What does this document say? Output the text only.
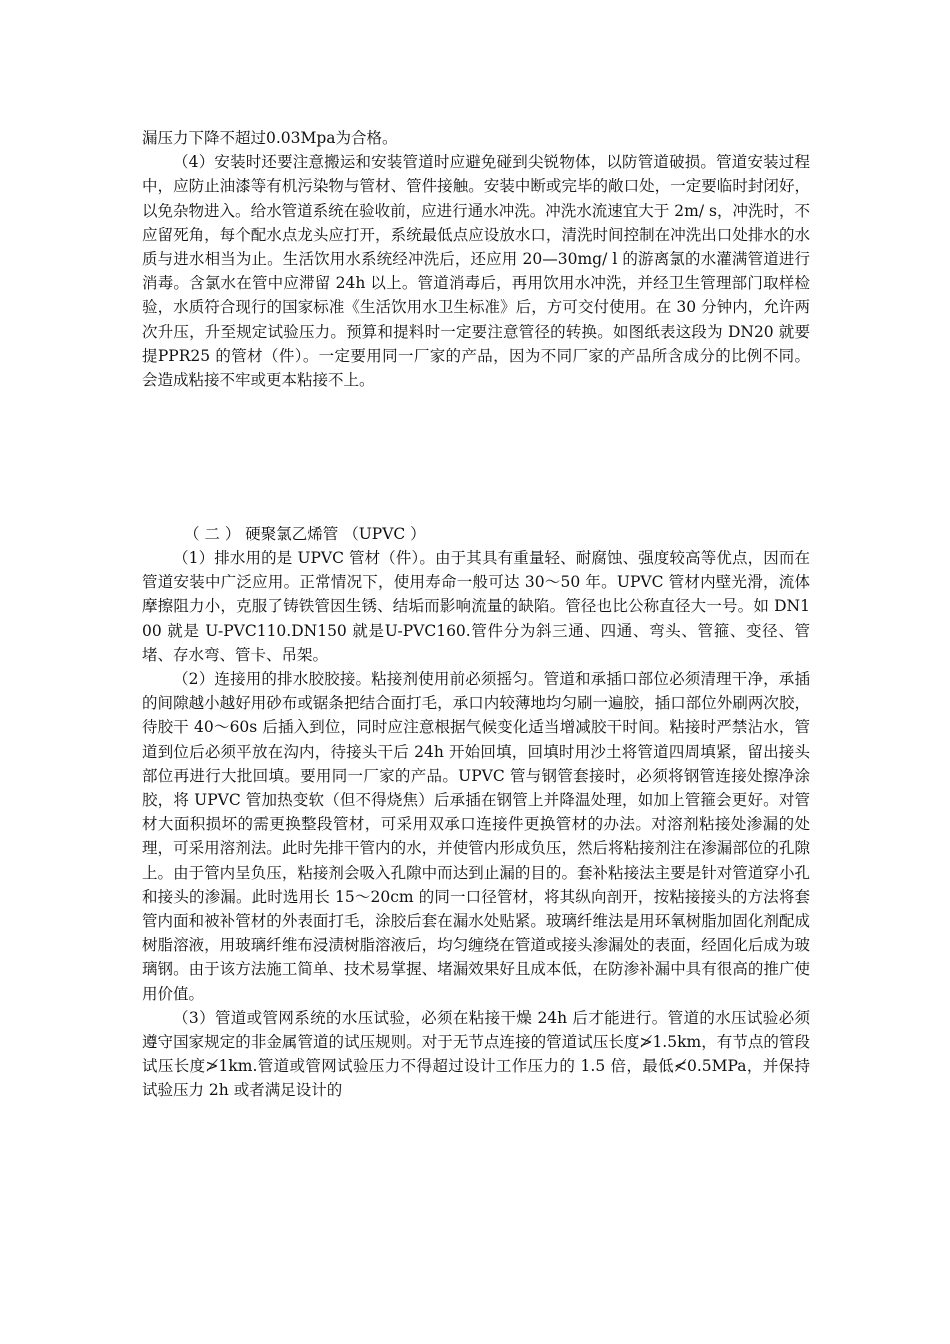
漏压力下降不超过0.03Mpa为合格。

（4）安装时还要注意搬运和安装管道时应避免碰到尖锐物体，以防管道破损。管道安装过程中，应防止油漆等有机污染物与管材、管件接触。安装中断或完毕的敞口处，一定要临时封闭好，以免杂物进入。给水管道系统在验收前，应进行通水冲洗。冲洗水流速宜大于 2m/ s，冲洗时，不应留死角，每个配水点龙头应打开，系统最低点应设放水口，清洗时间控制在冲洗出口处排水的水质与进水相当为止。生活饮用水系统经冲洗后，还应用 20—30mg/ l 的游离氯的水灌满管道进行消毒。含氯水在管中应滞留 24h 以上。管道消毒后，再用饮用水冲洗，并经卫生管理部门取样检验，水质符合现行的国家标准《生活饮用水卫生标准》后，方可交付使用。在 30 分钟内，允许两次升压，升至规定试验压力。预算和提料时一定要注意管径的转换。如图纸表这段为 DN20 就要提PPR25 的管材（件）。一定要用同一厂家的产品，因为不同厂家的产品所含成分的比例不同。会造成粘接不牢或更本粘接不上。

（ 二 ） 硬聚氯乙烯管 （UPVC ）

（1）排水用的是 UPVC 管材（件）。由于其具有重量轻、耐腐蚀、强度较高等优点，因而在管道安装中广泛应用。正常情况下，使用寿命一般可达 30～50 年。UPVC 管材内壁光滑，流体摩擦阻力小，克服了铸铁管因生锈、结垢而影响流量的缺陷。管径也比公称直径大一号。如 DN100 就是 U-PVC110.DN150 就是U-PVC160.管件分为斜三通、四通、弯头、管箍、变径、管堵、存水弯、管卡、吊架。

（2）连接用的排水胶胶接。粘接剂使用前必须摇匀。管道和承插口部位必须清理干净，承插的间隙越小越好用砂布或锯条把结合面打毛，承口内较薄地均匀刷一遍胶，插口部位外刷两次胶，待胶干 40～60s 后插入到位，同时应注意根据气候变化适当增减胶干时间。粘接时严禁沾水，管道到位后必须平放在沟内，待接头干后 24h 开始回填，回填时用沙土将管道四周填紧，留出接头部位再进行大批回填。要用同一厂家的产品。UPVC 管与钢管套接时，必须将钢管连接处擦净涂胶，将 UPVC 管加热变软（但不得烧焦）后承插在钢管上并降温处理，如加上管箍会更好。对管材大面积损坏的需更换整段管材，可采用双承口连接件更换管材的办法。对溶剂粘接处渗漏的处理，可采用溶剂法。此时先排干管内的水，并使管内形成负压，然后将粘接剂注在渗漏部位的孔隙上。由于管内呈负压，粘接剂会吸入孔隙中而达到止漏的目的。套补粘接法主要是针对管道穿小孔和接头的渗漏。此时选用长 15～20cm 的同一口径管材，将其纵向剖开，按粘接接头的方法将套管内面和被补管材的外表面打毛，涂胶后套在漏水处贴紧。玻璃纤维法是用环氧树脂加固化剂配成树脂溶液，用玻璃纤维布浸渍树脂溶液后，均匀缠绕在管道或接头渗漏处的表面，经固化后成为玻璃钢。由于该方法施工简单、技术易掌握、堵漏效果好且成本低，在防渗补漏中具有很高的推广使用价值。

（3）管道或管网系统的水压试验，必须在粘接干燥 24h 后才能进行。管道的水压试验必须遵守国家规定的非金属管道的试压规则。对于无节点连接的管道试压长度≯1.5km，有节点的管段试压长度≯1km.管道或管网试验压力不得超过设计工作压力的 1.5 倍，最低≮0.5MPa，并保持试验压力 2h 或者满足设计的
